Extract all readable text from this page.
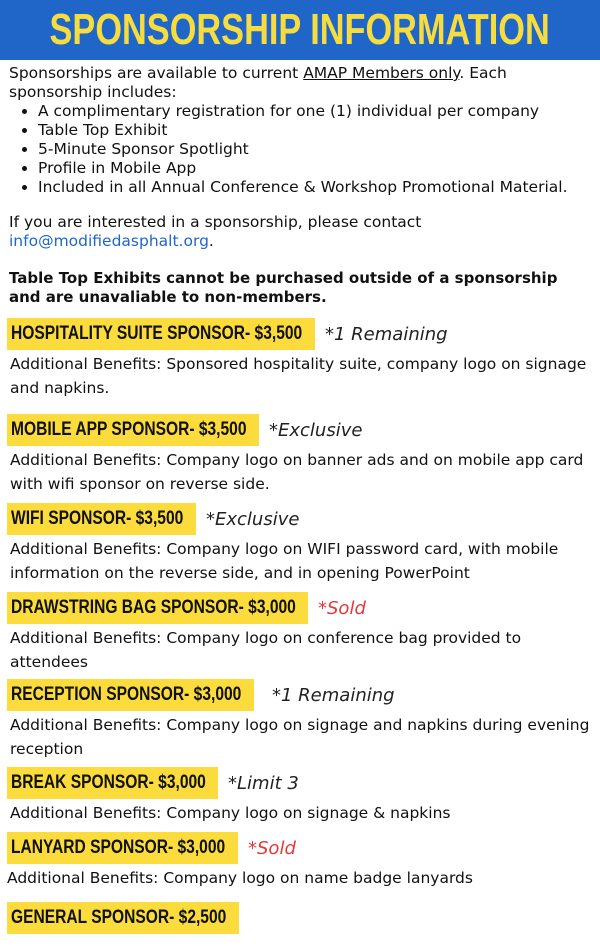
SPONSORSHIP INFORMATION

Sponsorships are available to current AMAP Members only. Each sponsorship includes:

• A complimentary registration for one (1) individual per company
• Table Top Exhibit
• 5-Minute Sponsor Spotlight
• Profile in Mobile App
• Included in all Annual Conference & Workshop Promotional Material.

If you are interested in a sponsorship, please contact

info@modifiedasphalt.org.

Table Top Exhibits cannot be purchased outside of a sponsorship and are unavaliable to non-members.
HOSPITALITY SUITE SPONSOR- $3,500 *1 Remaining
Additional Benefits: Sponsored hospitality suite, company logo on signage and napkins.
MOBILE APP SPONSOR- $3,500 *Exclusive
Additional Benefits: Company logo on banner ads and on mobile app card with wifi sponsor on reverse side.
WIFI SPONSOR- $3,500 *Exclusive
Additional Benefits: Company logo on WIFI password card, with mobile information on the reverse side, and in opening PowerPoint
DRAWSTRING BAG SPONSOR- $3,000 *Sold
Additional Benefits: Company logo on conference bag provided to attendees
RECEPTION SPONSOR- $3,000 *1 Remaining
Additional Benefits: Company logo on signage and napkins during evening reception
BREAK SPONSOR- $3,000 *Limit 3
Additional Benefits: Company logo on signage & napkins
LANYARD SPONSOR- $3,000 *Sold
Additional Benefits: Company logo on name badge lanyards
GENERAL SPONSOR- $2,500
